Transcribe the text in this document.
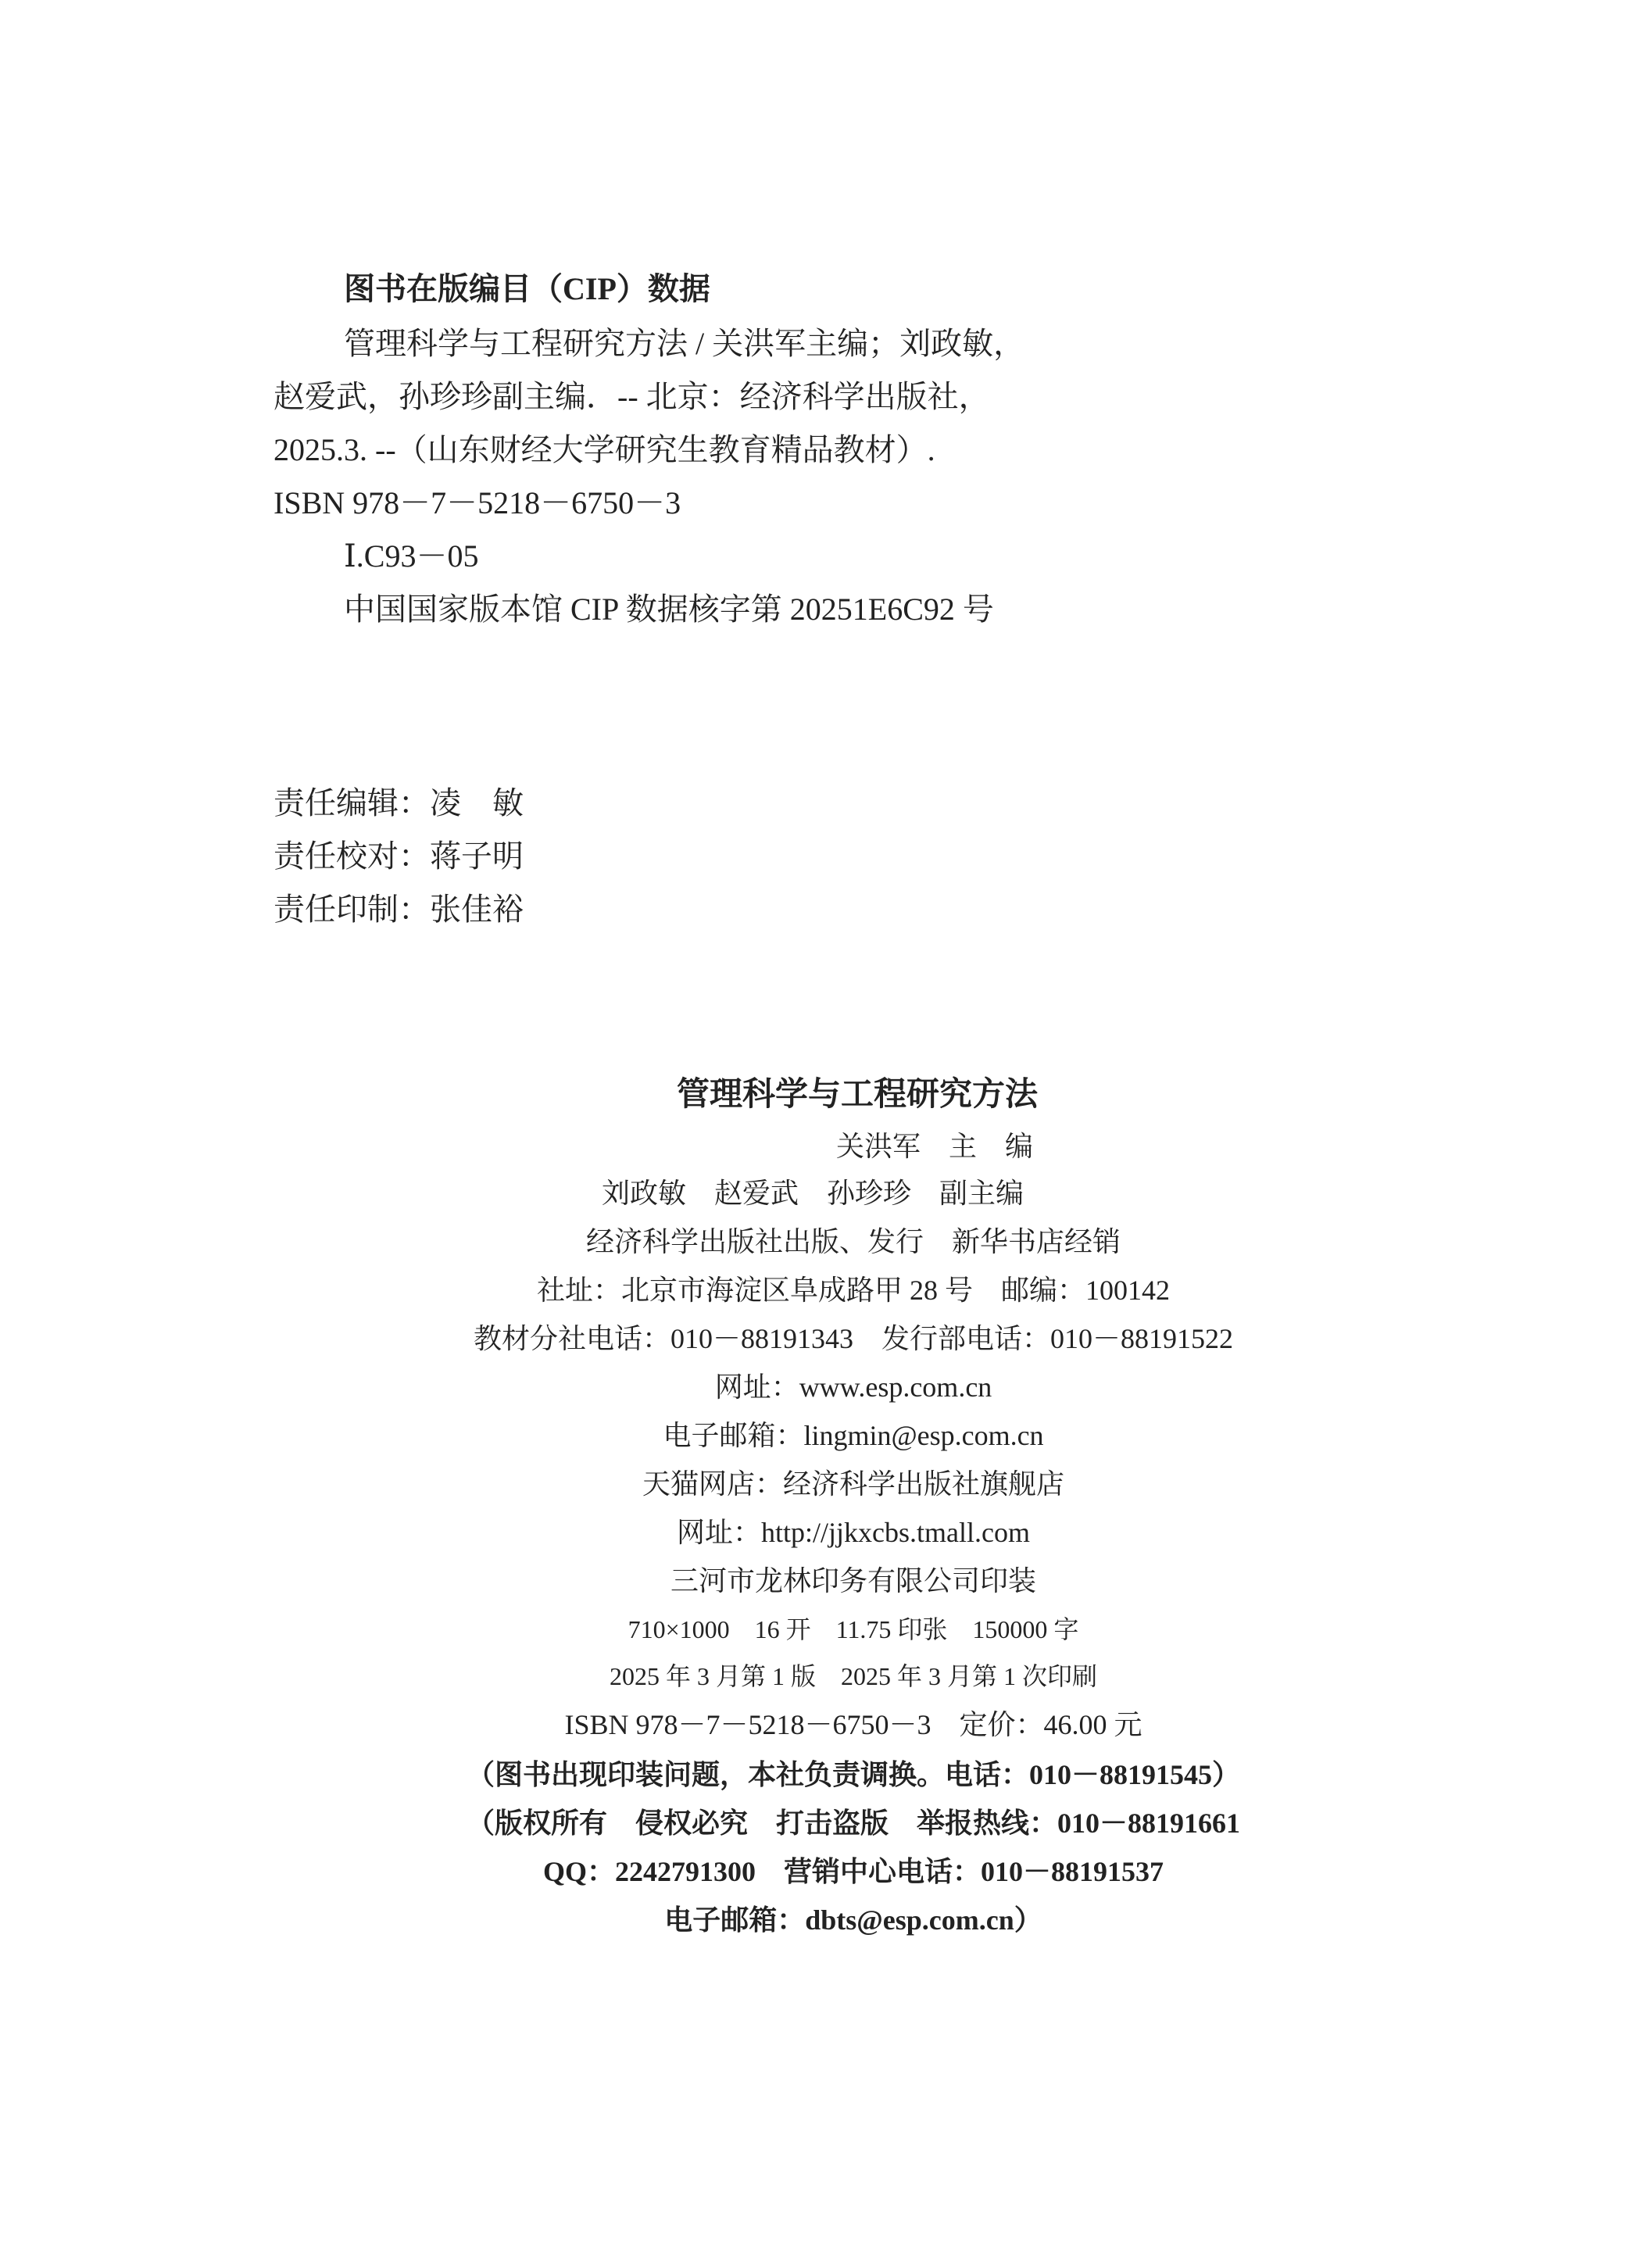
图书在版编目（CIP）数据
管理科学与工程研究方法 / 关洪军主编；刘政敏，
赵爱武，孙珍珍副主编．-- 北京：经济科学出版社，
2025.3. --（山东财经大学研究生教育精品教材）.
ISBN 978－7－5218－6750－3
Ⅰ.C93－05
中国国家版本馆 CIP 数据核字第 20251E6C92 号
责任编辑：凌　敏
责任校对：蒋子明
责任印制：张佳裕
管理科学与工程研究方法
关洪军　主　编
刘政敏　赵爱武　孙珍珍　副主编
经济科学出版社出版、发行　新华书店经销
社址：北京市海淀区阜成路甲 28 号　邮编：100142
教材分社电话：010－88191343　发行部电话：010－88191522
网址：www.esp.com.cn
电子邮箱：lingmin@esp.com.cn
天猫网店：经济科学出版社旗舰店
网址：http://jjkxcbs.tmall.com
三河市龙林印务有限公司印装
710×1000　16 开　11.75 印张　150000 字
2025 年 3 月第 1 版　2025 年 3 月第 1 次印刷
ISBN 978－7－5218－6750－3　定价：46.00 元
（图书出现印装问题，本社负责调换。电话：010－88191545）
（版权所有　侵权必究　打击盗版　举报热线：010－88191661
QQ：2242791300　营销中心电话：010－88191537
电子邮箱：dbts@esp.com.cn）
